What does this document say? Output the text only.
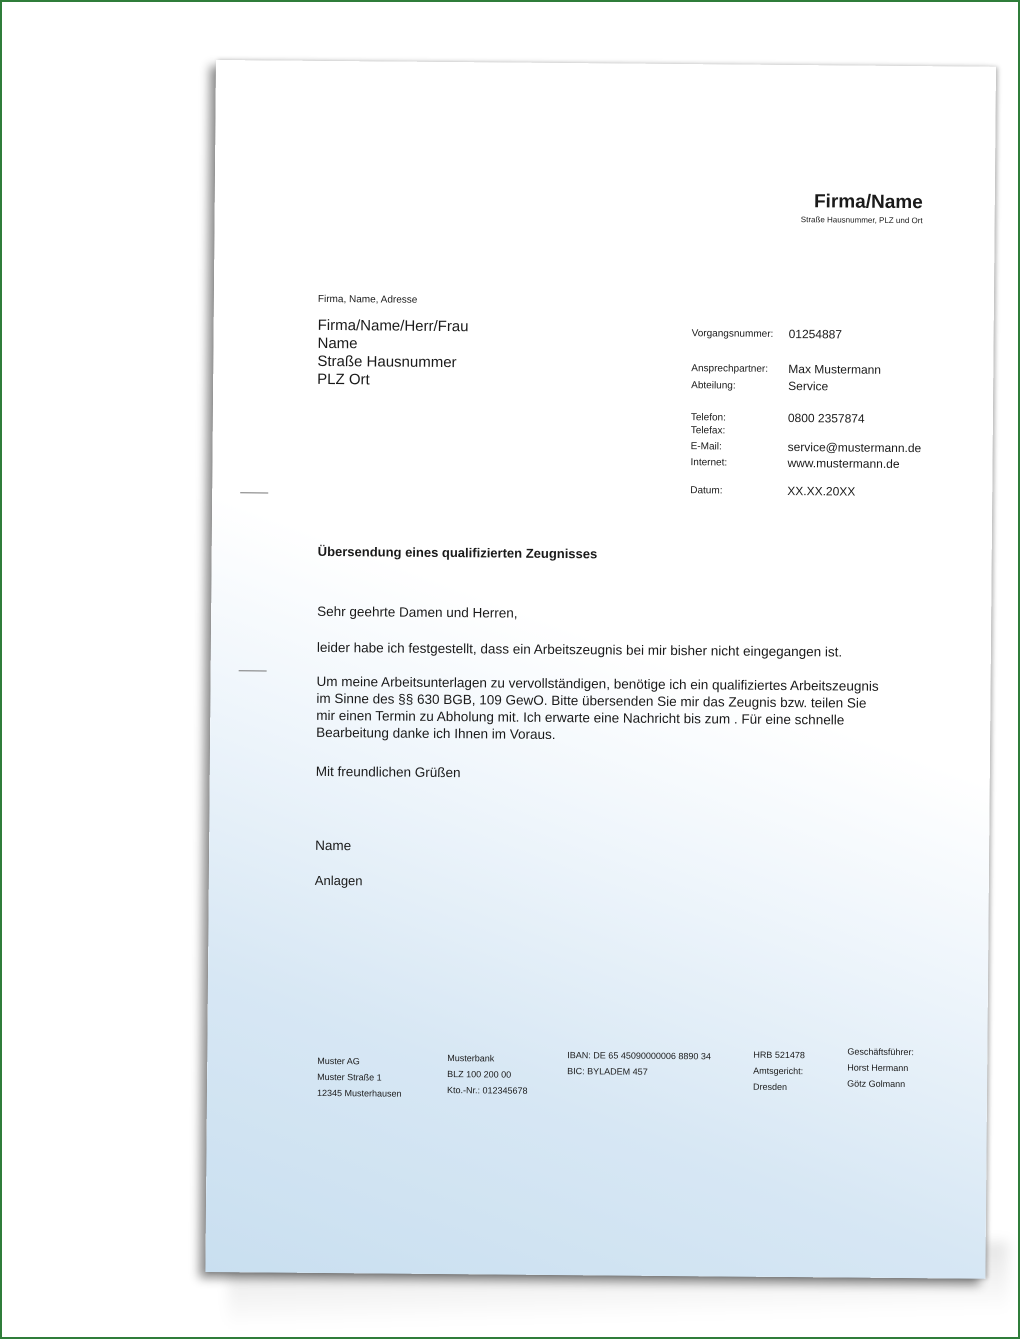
Firma/Name
Straße Hausnummer, PLZ und Ort
Firma, Name, Adresse
Firma/Name/Herr/Frau
Name
Straße Hausnummer
PLZ Ort
Vorgangsnummer: 01254887
Ansprechpartner: Max Mustermann
Abteilung:	Service
Telefon:	0800 2357874
Telefax:
E-Mail:	service@mustermann.de
Internet:	www.mustermann.de
Datum:	XX.XX.20XX
Übersendung eines qualifizierten Zeugnisses
Sehr geehrte Damen und Herren,
leider habe ich festgestellt, dass ein Arbeitszeugnis bei mir bisher nicht eingegangen ist.

Um meine Arbeitsunterlagen zu vervollständigen, benötige ich ein qualifiziertes Arbeitszeugnis

im Sinne des §§ 630 BGB, 109 GewO. Bitte übersenden Sie mir das Zeugnis bzw. teilen Sie

mir einen Termin zu Abholung mit. Ich erwarte eine Nachricht bis zum . Für eine schnelle

Bearbeitung danke ich Ihnen im Voraus.

Mit freundlichen Grüßen
Name
Anlagen
Muster AG
Muster Straße 1
12345 Musterhausen
Musterbank
BLZ 100 200 00
Kto.-Nr.: 012345678
IBAN: DE 65 45090000006 8890 34
BIC: BYLADEM 457
HRB 521478
Amtsgericht:
Dresden
Geschäftsführer:
Horst Hermann
Götz Golmann
